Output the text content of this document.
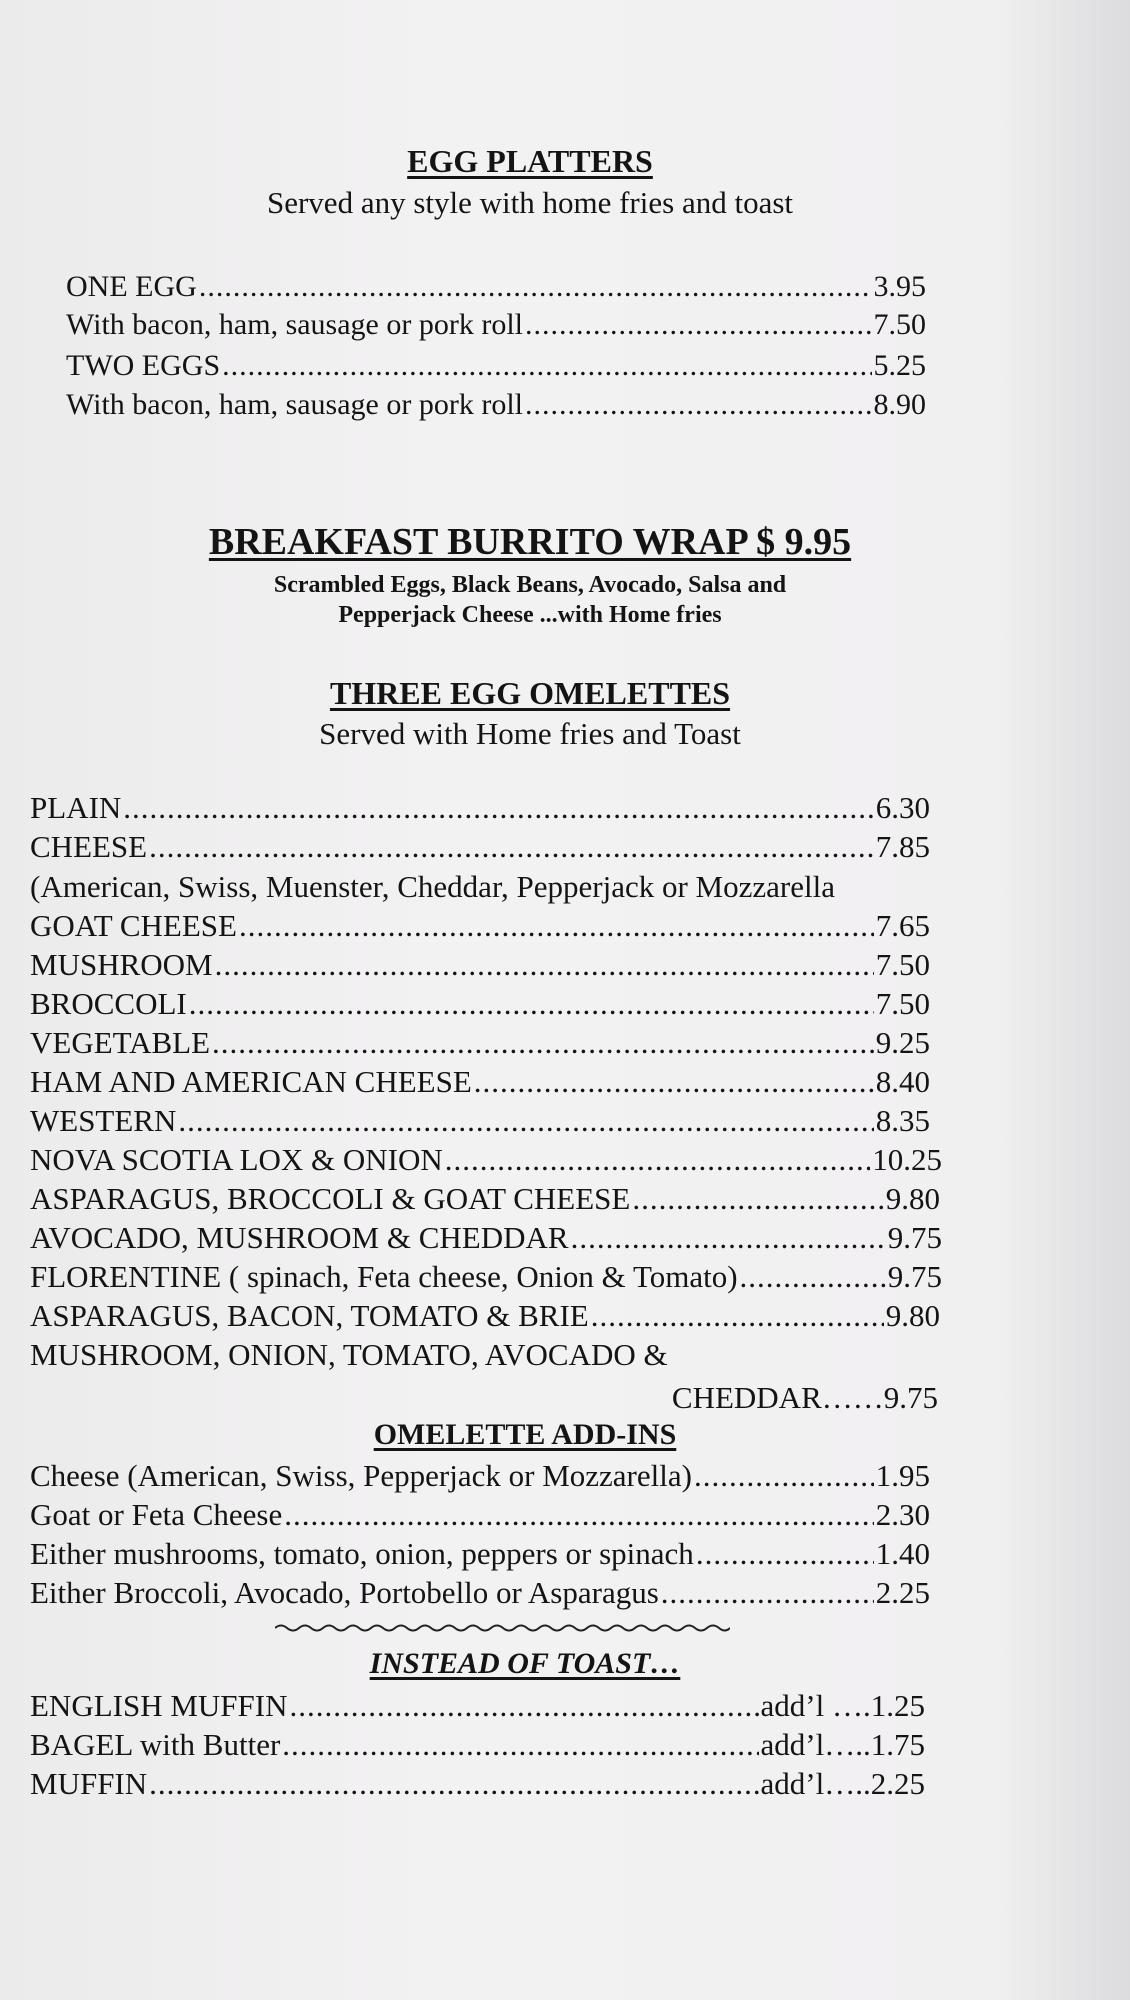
EGG PLATTERS
Served any style with home fries and toast
ONE EGG .....	3.95
With bacon, ham, sausage or pork roll .....	7.50
TWO EGGS .....	5.25
With bacon, ham, sausage or pork roll .....	8.90
BREAKFAST BURRITO WRAP $ 9.95
Scrambled Eggs, Black Beans, Avocado, Salsa and
Pepperjack Cheese ...with Home fries
THREE EGG OMELETTES
Served with Home fries and Toast
PLAIN .....	6.30
CHEESE .....	7.85
(American, Swiss, Muenster, Cheddar, Pepperjack or Mozzarella
GOAT CHEESE .....	7.65
MUSHROOM .....	7.50
BROCCOLI .....	7.50
VEGETABLE .....	9.25
HAM AND AMERICAN CHEESE .....	8.40
WESTERN .....	8.35
NOVA SCOTIA LOX & ONION .....	10.25
ASPARAGUS, BROCCOLI & GOAT CHEESE .....	9.80
AVOCADO, MUSHROOM & CHEDDAR .....	9.75
FLORENTINE ( spinach, Feta cheese, Onion & Tomato) .....	9.75
ASPARAGUS, BACON, TOMATO & BRIE .....	9.80
MUSHROOM, ONION, TOMATO, AVOCADO &
CHEDDAR……9.75
OMELETTE ADD-INS
Cheese (American, Swiss, Pepperjack or Mozzarella) .....	1.95
Goat or Feta Cheese .....	2.30
Either mushrooms, tomato, onion, peppers or spinach .....	1.40
Either Broccoli, Avocado, Portobello or Asparagus .....	2.25
INSTEAD OF TOAST…
ENGLISH MUFFIN .....	add’l ….1.25
BAGEL with Butter .....	add’l…..1.75
MUFFIN .....	add’l…..2.25
